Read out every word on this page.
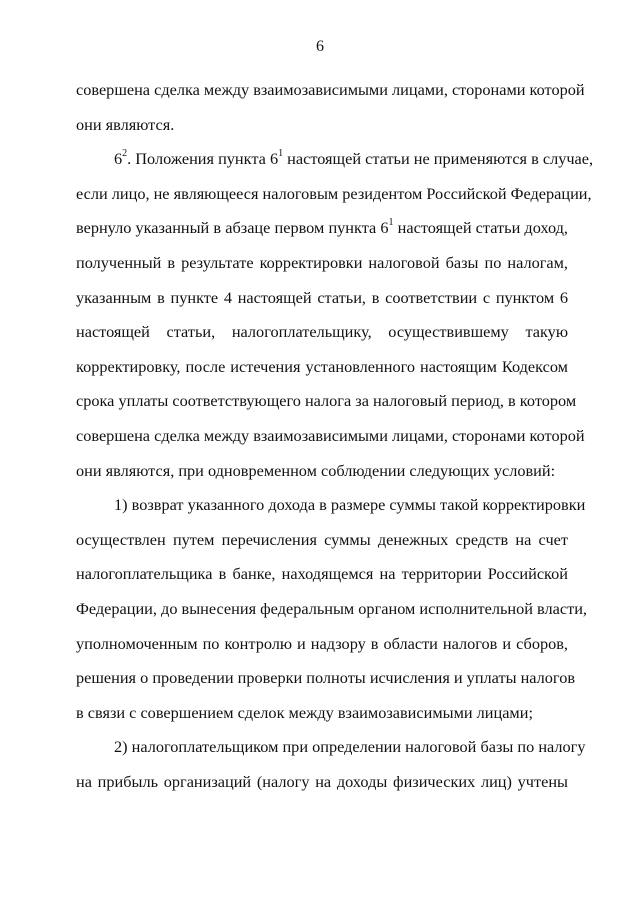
6
совершена сделка между взаимозависимыми лицами, сторонами которой
они являются.
$6^2$. Положения пункта $6^1$ настоящей статьи не применяются в случае,
если лицо, не являющееся налоговым резидентом Российской Федерации,
вернуло указанный в абзаце первом пункта $6^1$ настоящей статьи доход,
полученный в результате корректировки налоговой базы по налогам,
указанным в пункте 4 настоящей статьи, в соответствии с пунктом 6
настоящей статьи, налогоплательщику, осуществившему такую
корректировку, после истечения установленного настоящим Кодексом
срока уплаты соответствующего налога за налоговый период, в котором
совершена сделка между взаимозависимыми лицами, сторонами которой
они являются, при одновременном соблюдении следующих условий:
1) возврат указанного дохода в размере суммы такой корректировки
осуществлен путем перечисления суммы денежных средств на счет
налогоплательщика в банке, находящемся на территории Российской
Федерации, до вынесения федеральным органом исполнительной власти,
уполномоченным по контролю и надзору в области налогов и сборов,
решения о проведении проверки полноты исчисления и уплаты налогов
в связи с совершением сделок между взаимозависимыми лицами;
2) налогоплательщиком при определении налоговой базы по налогу
на прибыль организаций (налогу на доходы физических лиц) учтены
